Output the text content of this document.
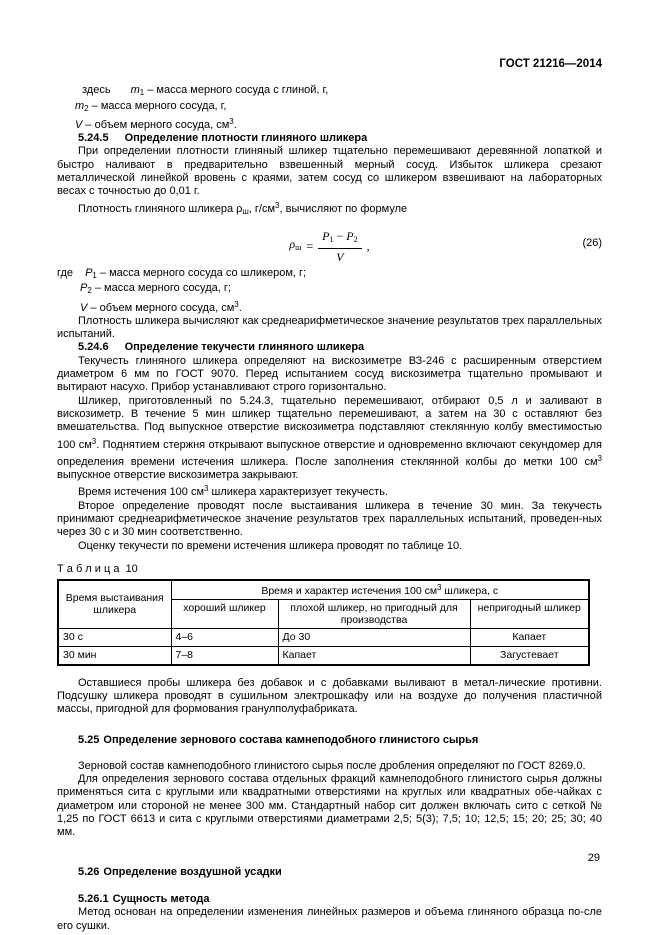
ГОСТ 21216—2014

здесь $m_1$ – масса мерного сосуда с глиной, г,

$m_2$ – масса мерного сосуда, г,

V – объем мерного сосуда, $см^3$.

5.24.5 Определение плотности глиняного шликера

При определении плотности глиняный шликер тщательно перемешивают деревянной лопаткой и быстро наливают в предварительно взвешенный мерный сосуд. Избыток шликера срезают металлической линейкой вровень с краями, затем сосуд со шликером взвешивают на лабораторных весах с точностью до 0,01 г.

Плотность глиняного шликера $\rho_ш$, $г/см^3$, вычисляют по формуле

$\rho_ш = \frac{P_1 - P_2}{V}$ ,	(26)

где $P_1$ – масса мерного сосуда со шликером, г;

$P_2$ – масса мерного сосуда, г;

V – объем мерного сосуда, $см^3$.

Плотность шликера вычисляют как среднеарифметическое значение результатов трех параллельных испытаний.

5.24.6 Определение текучести глиняного шликера

Текучесть глиняного шликера определяют на вискозиметре ВЗ-246 с расширенным отверстием диаметром 6 мм по ГОСТ 9070. Перед испытанием сосуд вискозиметра тщательно промывают и вытирают насухо. Прибор устанавливают строго горизонтально.

Шликер, приготовленный по 5.24.3, тщательно перемешивают, отбирают 0,5 л и заливают в вискозиметр. В течение 5 мин шликер тщательно перемешивают, а затем на 30 с оставляют без вмешательства. Под выпускное отверстие вискозиметра подставляют стеклянную колбу вместимостью 100 $см^3$. Поднятием стержня открывают выпускное отверстие и одновременно включают секундомер для определения времени истечения шликера. После заполнения стеклянной колбы до метки 100 $см^3$ выпускное отверстие вискозиметра закрывают.

Время истечения 100 $см^3$ шликера характеризует текучесть.

Второе определение проводят после выстаивания шликера в течение 30 мин. За текучесть принимают среднеарифметическое значение результатов трех параллельных испытаний, проведен-ных через 30 с и 30 мин соответственно.

Оценку текучести по времени истечения шликера проводят по таблице 10.

Т а б л и ц а  10
Время выстаивания шликера	Время и характер истечения 100 $см^3$ шликера, с		
	хороший шликер	плохой шликер, но пригодный для производства	непригодный шликер
30 с	4–6	До 30	Капает
30 мин	7–8	Капает	Загустевает

Оставшиеся пробы шликера без добавок и с добавками выливают в метал-лические противни. Подсушку шликера проводят в сушильном электрошкафу или на воздухе до получения пластичной массы, пригодной для формования гранулполуфабриката.

5.25 Определение зернового состава камнеподобного глинистого сырья

Зерновой состав камнеподобного глинистого сырья после дробления определяют по ГОСТ 8269.0.

Для определения зернового состава отдельных фракций камнеподобного глинистого сырья должны применяться сита с круглыми или квадратными отверстиями на круглых или квадратных обе-чайках с диаметром или стороной не менее 300 мм. Стандартный набор сит должен включать сито с сеткой № 1,25 по ГОСТ 6613 и сита с круглыми отверстиями диаметрами 2,5; 5(3); 7,5; 10; 12,5; 15; 20; 25; 30; 40 мм.

5.26 Определение воздушной усадки

5.26.1 Сущность метода

Метод основан на определении изменения линейных размеров и объема глиняного образца по-сле его сушки.

29
